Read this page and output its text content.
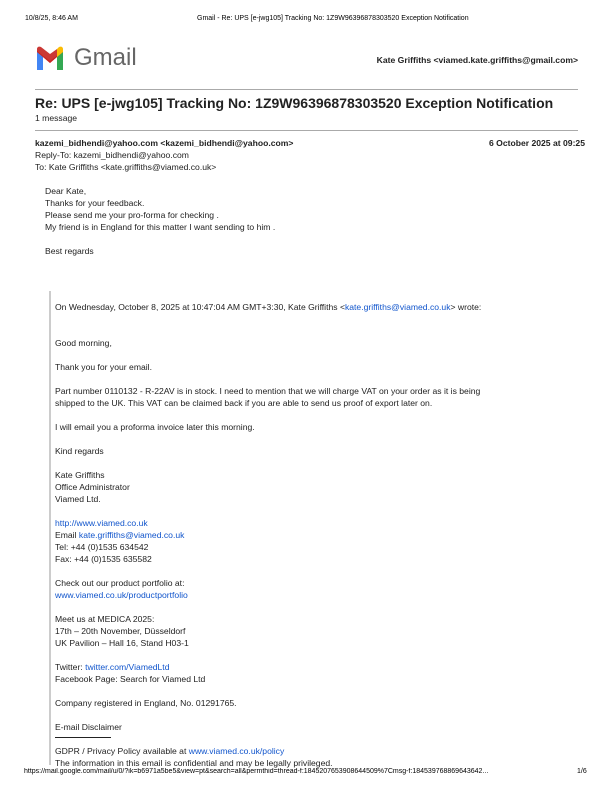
10/8/25, 8:46 AM	Gmail - Re: UPS [e-jwg105] Tracking No: 1Z9W96396878303520 Exception Notification
Gmail	Kate Griffiths <viamed.kate.griffiths@gmail.com>
Re: UPS [e-jwg105] Tracking No: 1Z9W96396878303520 Exception Notification
1 message
kazemi_bidhendi@yahoo.com <kazemi_bidhendi@yahoo.com>	6 October 2025 at 09:25
Reply-To: kazemi_bidhendi@yahoo.com
To: Kate Griffiths <kate.griffiths@viamed.co.uk>
Dear Kate,
Thanks for your feedback.
Please send me your pro-forma for checking .
My friend is in England for this matter I want sending to him .
Best regards
On Wednesday, October 8, 2025 at 10:47:04 AM GMT+3:30, Kate Griffiths <kate.griffiths@viamed.co.uk> wrote:
Good morning,
Thank you for your email.
Part number 0110132 - R-22AV is in stock. I need to mention that we will charge VAT on your order as it is being
shipped to the UK. This VAT can be claimed back if you are able to send us proof of export later on.
I will email you a proforma invoice later this morning.
Kind regards
Kate Griffiths
Office Administrator
Viamed Ltd.
http://www.viamed.co.uk
Email kate.griffiths@viamed.co.uk
Tel: +44 (0)1535 634542
Fax: +44 (0)1535 635582
Check out our product portfolio at:
www.viamed.co.uk/productportfolio
Meet us at MEDICA 2025:
17th – 20th November, Düsseldorf
UK Pavilion – Hall 16, Stand H03-1
Twitter: twitter.com/ViamedLtd
Facebook Page: Search for Viamed Ltd
Company registered in England, No. 01291765.
E-mail Disclaimer
GDPR / Privacy Policy available at www.viamed.co.uk/policy
The information in this email is confidential and may be legally privileged.
https://mail.google.com/mail/u/0/?ik=b6971a5be5&view=pt&search=all&permthid=thread-f:1845207653908644509%7Cmsg-f:184539768869643642...	1/6
